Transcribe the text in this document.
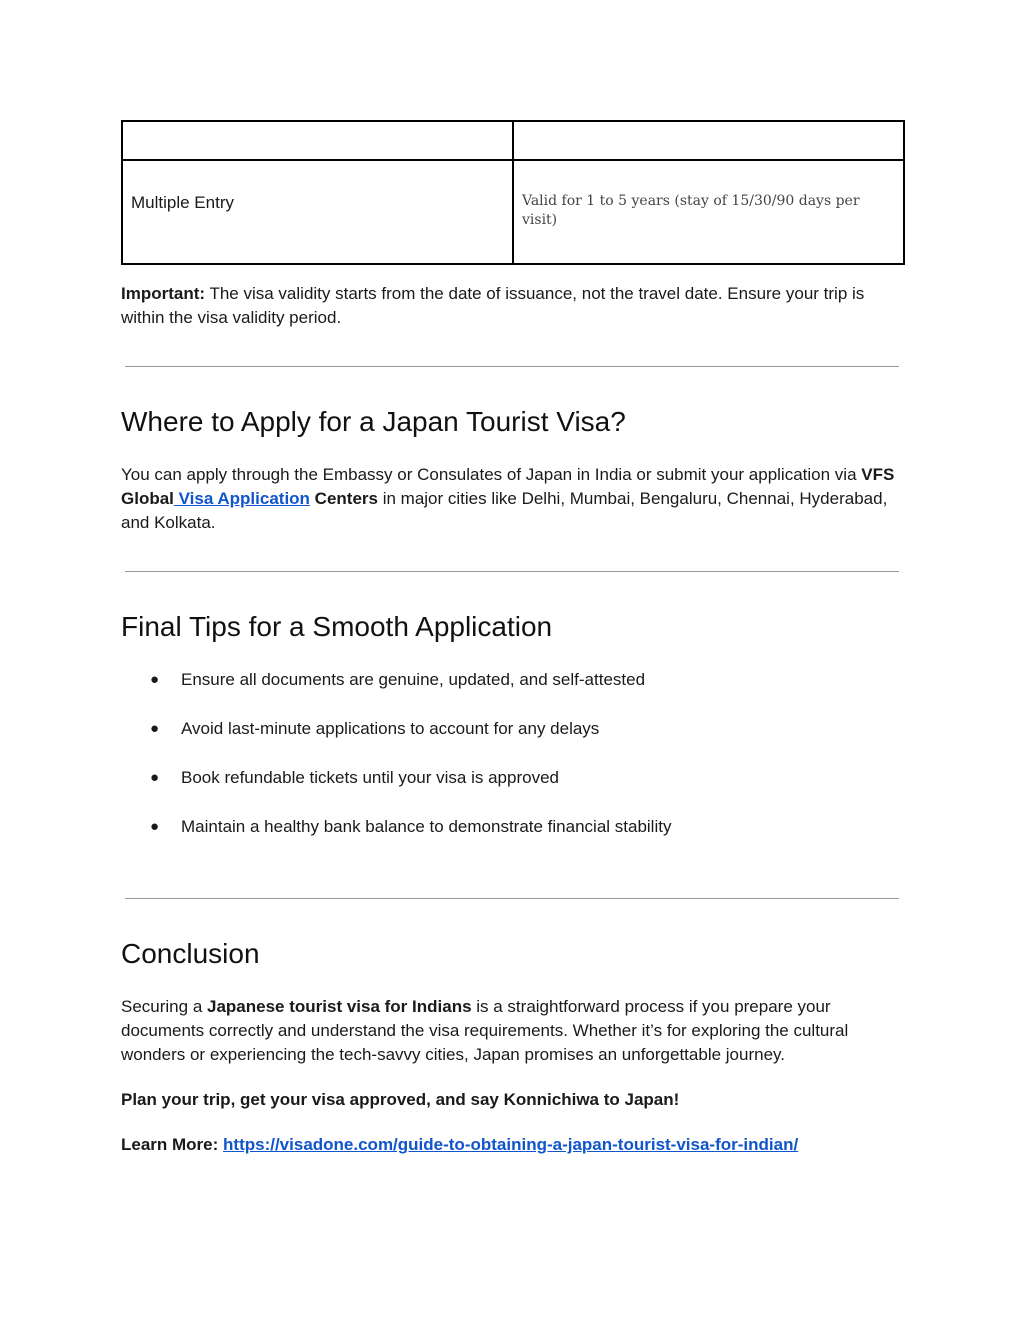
Multiple Entry	Valid for 1 to 5 years (stay of 15/30/90 days per visit)

Important: The visa validity starts from the date of issuance, not the travel date. Ensure your trip is within the visa validity period.

Where to Apply for a Japan Tourist Visa?

You can apply through the Embassy or Consulates of Japan in India or submit your application via VFS Global Visa Application Centers in major cities like Delhi, Mumbai, Bengaluru, Chennai, Hyderabad, and Kolkata.

Final Tips for a Smooth Application
●	Ensure all documents are genuine, updated, and self-attested
●	Avoid last-minute applications to account for any delays
●	Book refundable tickets until your visa is approved
●	Maintain a healthy bank balance to demonstrate financial stability
Conclusion

Securing a Japanese tourist visa for Indians is a straightforward process if you prepare your documents correctly and understand the visa requirements. Whether it’s for exploring the cultural wonders or experiencing the tech-savvy cities, Japan promises an unforgettable journey.

Plan your trip, get your visa approved, and say Konnichiwa to Japan!

Learn More: https://visadone.com/guide-to-obtaining-a-japan-tourist-visa-for-indian/
